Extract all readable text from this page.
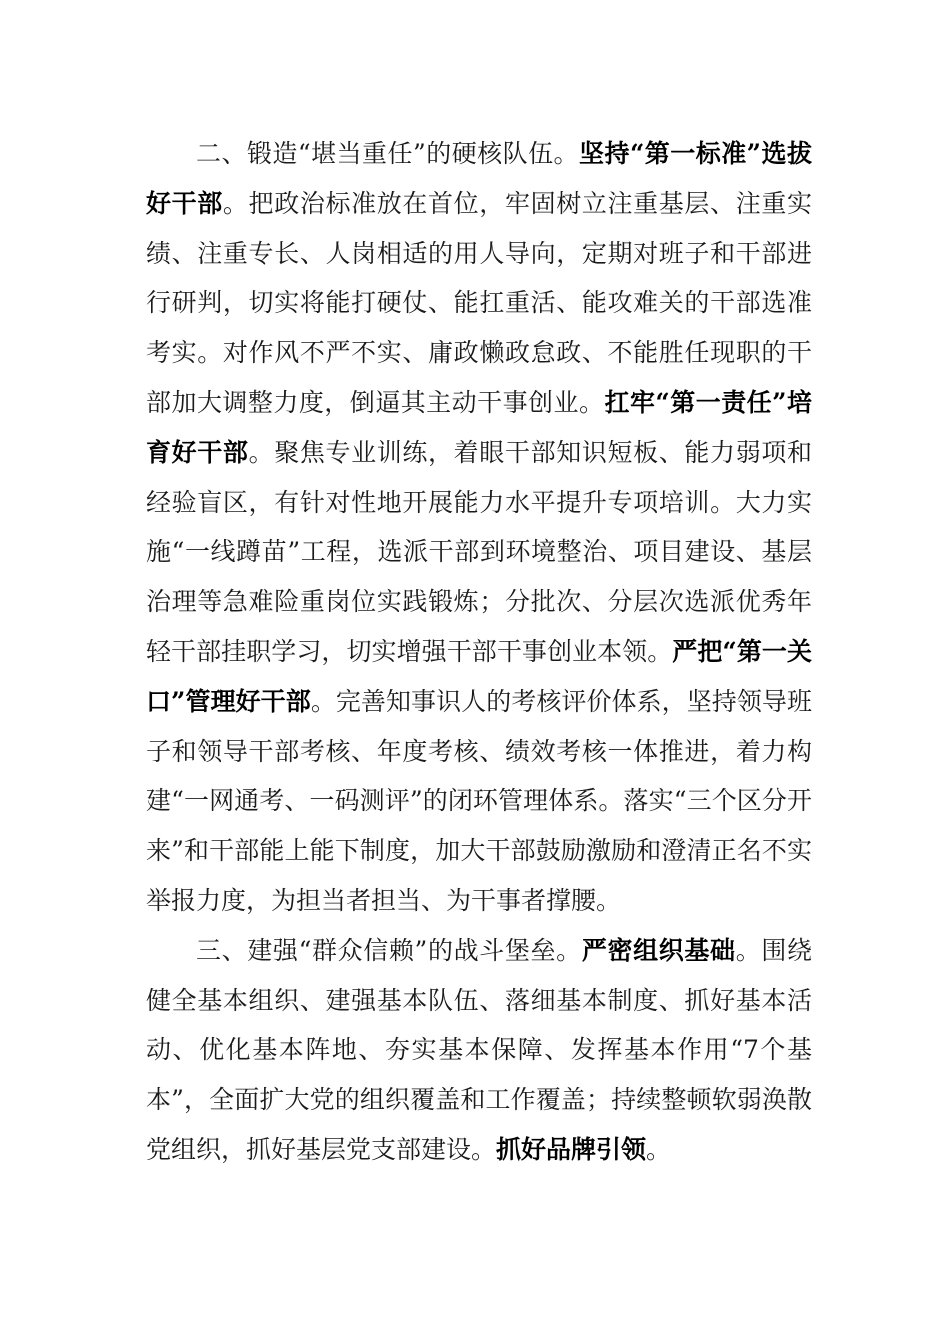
二、锻造“堪当重任”的硬核队伍。坚持“第一标准”选拔好干部。把政治标准放在首位，牢固树立注重基层、注重实绩、注重专长、人岗相适的用人导向，定期对班子和干部进行研判，切实将能打硬仗、能扛重活、能攻难关的干部选准考实。对作风不严不实、庸政懒政怠政、不能胜任现职的干部加大调整力度，倒逼其主动干事创业。扛牢“第一责任”培育好干部。聚焦专业训练，着眼干部知识短板、能力弱项和经验盲区，有针对性地开展能力水平提升专项培训。大力实施“一线蹲苗”工程，选派干部到环境整治、项目建设、基层治理等急难险重岗位实践锻炼；分批次、分层次选派优秀年轻干部挂职学习，切实增强干部干事创业本领。严把“第一关口”管理好干部。完善知事识人的考核评价体系，坚持领导班子和领导干部考核、年度考核、绩效考核一体推进，着力构建“一网通考、一码测评”的闭环管理体系。落实“三个区分开来”和干部能上能下制度，加大干部鼓励激励和澄清正名不实举报力度，为担当者担当、为干事者撑腰。

三、建强“群众信赖”的战斗堡垒。严密组织基础。围绕健全基本组织、建强基本队伍、落细基本制度、抓好基本活动、优化基本阵地、夯实基本保障、发挥基本作用“7个基本”，全面扩大党的组织覆盖和工作覆盖；持续整顿软弱涣散党组织，抓好基层党支部建设。抓好品牌引领。
